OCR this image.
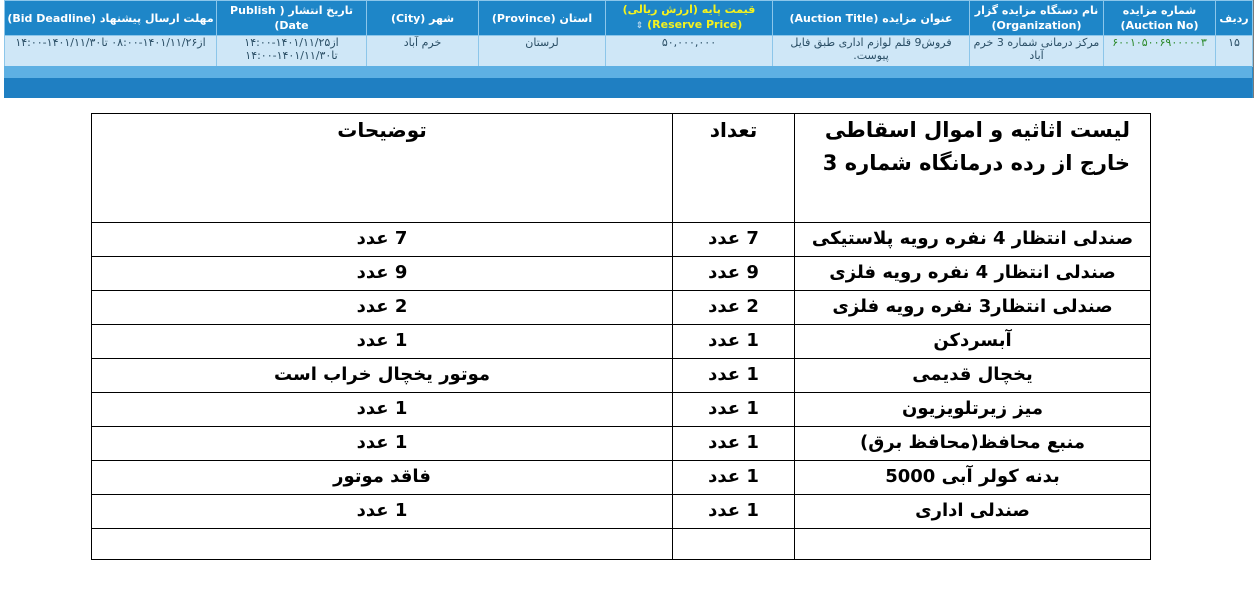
ردیف	شماره مزایده (Auction No)	نام دستگاه مزایده گزار (Organization)	عنوان مزایده (Auction Title)	قیمت پایه (ارزش ریالی) (Reserve Price) ⇕	استان (Province)	شهر (City)	تاریخ انتشار ( Publish Date)	مهلت ارسال پیشنهاد (Bid Deadline)
۱۵	۶۰۰۱۰۵۰۰۶۹۰۰۰۰۰۳	مرکز درمانی شماره 3 خرم آباد	فروش9 قلم لوازم اداری طبق فایل پیوست.	۵۰,۰۰۰,۰۰۰	لرستان	خرم آباد	از۱۴۰۱/۱۱/۲۵-۱۴:۰۰ تا۱۴۰۱/۱۱/۳۰-۱۴:۰۰	از۱۴۰۱/۱۱/۲۶-۰۸:۰۰ تا۱۴۰۱/۱۱/۳۰-۱۴:۰۰
لیست اثاثیه و اموال اسقاطی خارج از رده درمانگاه شماره 3	تعداد	توضیحات
صندلی انتظار 4 نفره رویه پلاستیکی	7 عدد	7 عدد
صندلی انتظار 4 نفره رویه فلزی	9 عدد	9 عدد
صندلی انتظار3 نفره رویه فلزی	2 عدد	2 عدد
آبسردکن	1 عدد	1 عدد
یخچال قدیمی	1 عدد	موتور یخچال خراب است
میز زیرتلویزیون	1 عدد	1 عدد
منبع محافظ(محافظ برق)	1 عدد	1 عدد
بدنه کولر آبی 5000	1 عدد	فاقد موتور
صندلی اداری	1 عدد	1 عدد
